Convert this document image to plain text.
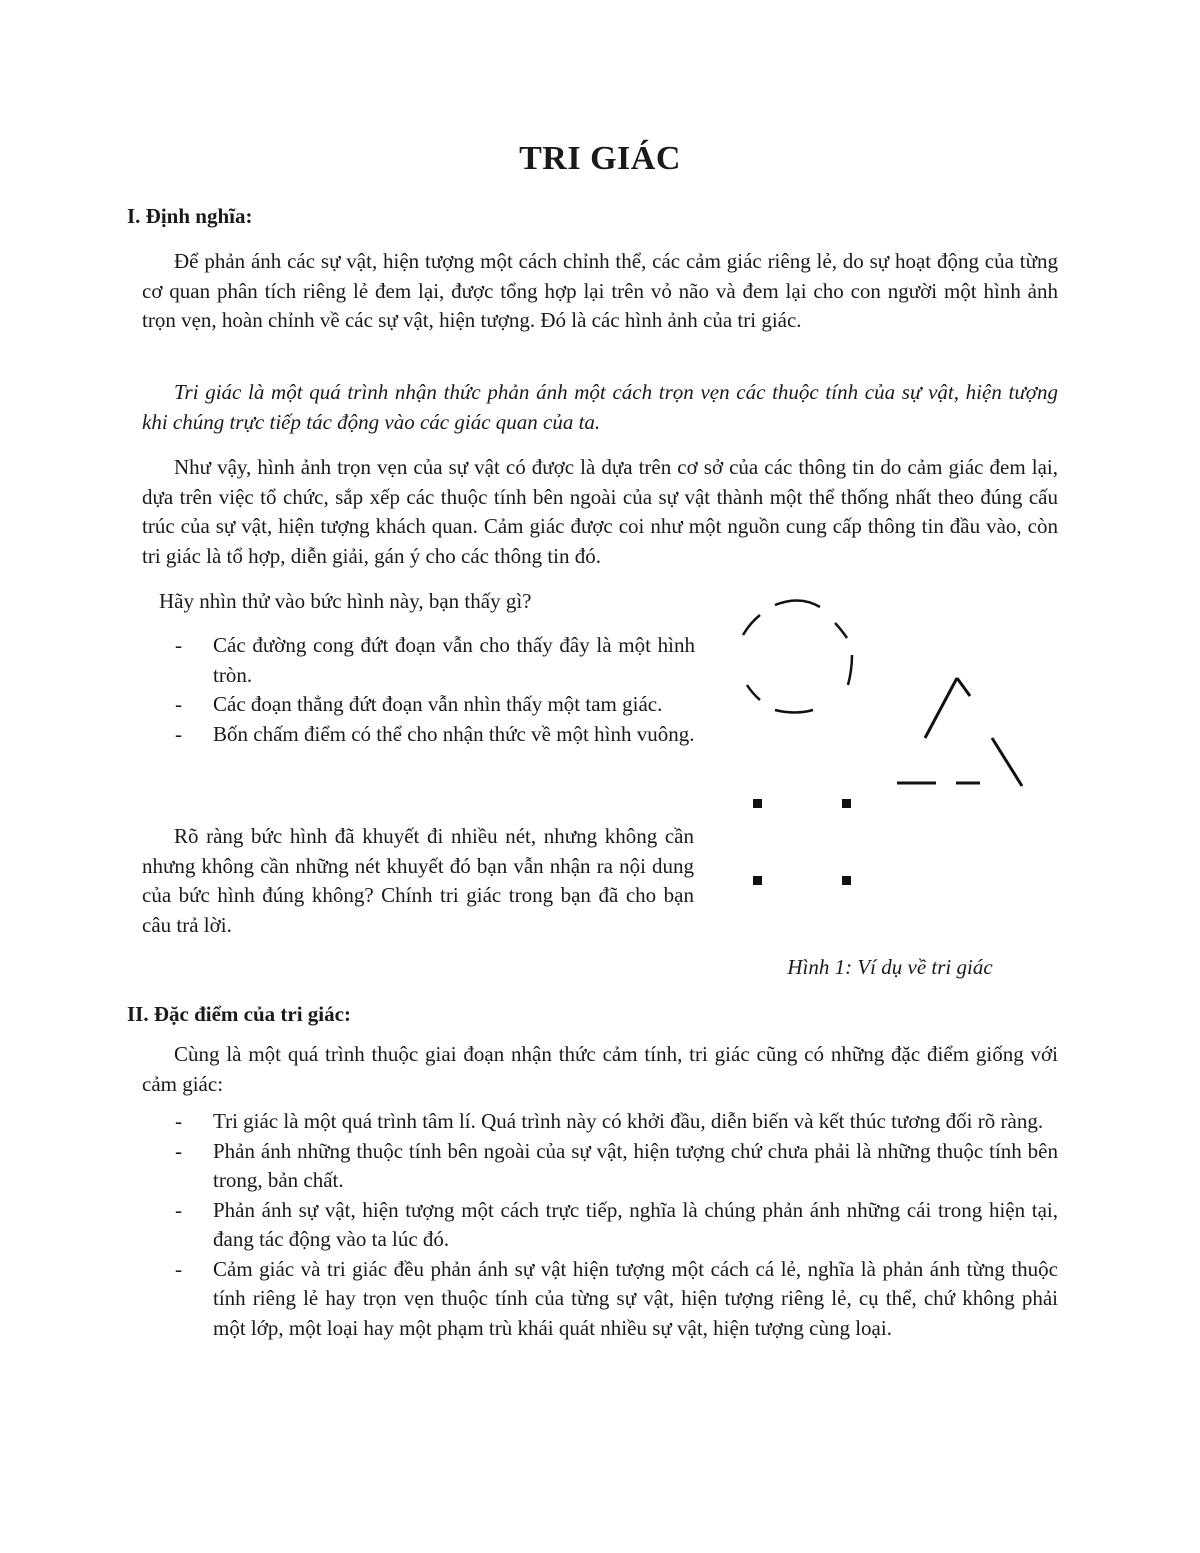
TRI GIÁC
I. Định nghĩa:

Để phản ánh các sự vật, hiện tượng một cách chỉnh thể, các cảm giác riêng lẻ, do sự hoạt động của từng cơ quan phân tích riêng lẻ đem lại, được tổng hợp lại trên vỏ não và đem lại cho con người một hình ảnh trọn vẹn, hoàn chỉnh về các sự vật, hiện tượng. Đó là các hình ảnh của tri giác.

Tri giác là một quá trình nhận thức phản ánh một cách trọn vẹn các thuộc tính của sự vật, hiện tượng khi chúng trực tiếp tác động vào các giác quan của ta.

Như vậy, hình ảnh trọn vẹn của sự vật có được là dựa trên cơ sở của các thông tin do cảm giác đem lại, dựa trên việc tổ chức, sắp xếp các thuộc tính bên ngoài của sự vật thành một thể thống nhất theo đúng cấu trúc của sự vật, hiện tượng khách quan. Cảm giác được coi như một nguồn cung cấp thông tin đầu vào, còn tri giác là tổ hợp, diễn giải, gán ý cho các thông tin đó.

Hãy nhìn thử vào bức hình này, bạn thấy gì?

- Các đường cong đứt đoạn vẫn cho thấy đây là một hình tròn.
- Các đoạn thẳng đứt đoạn vẫn nhìn thấy một tam giác.
- Bốn chấm điểm có thể cho nhận thức về một hình vuông.

Rõ ràng bức hình đã khuyết đi nhiều nét, nhưng không cần nhưng không cần những nét khuyết đó bạn vẫn nhận ra nội dung của bức hình đúng không? Chính tri giác trong bạn đã cho bạn câu trả lời.

Hình 1: Ví dụ về tri giác

II. Đặc điểm của tri giác:

Cùng là một quá trình thuộc giai đoạn nhận thức cảm tính, tri giác cũng có những đặc điểm giống với cảm giác:

- Tri giác là một quá trình tâm lí. Quá trình này có khởi đầu, diễn biến và kết thúc tương đối rõ ràng.
- Phản ánh những thuộc tính bên ngoài của sự vật, hiện tượng chứ chưa phải là những thuộc tính bên trong, bản chất.
- Phản ánh sự vật, hiện tượng một cách trực tiếp, nghĩa là chúng phản ánh những cái trong hiện tại, đang tác động vào ta lúc đó.
- Cảm giác và tri giác đều phản ánh sự vật hiện tượng một cách cá lẻ, nghĩa là phản ánh từng thuộc tính riêng lẻ hay trọn vẹn thuộc tính của từng sự vật, hiện tượng riêng lẻ, cụ thể, chứ không phải một lớp, một loại hay một phạm trù khái quát nhiều sự vật, hiện tượng cùng loại.
